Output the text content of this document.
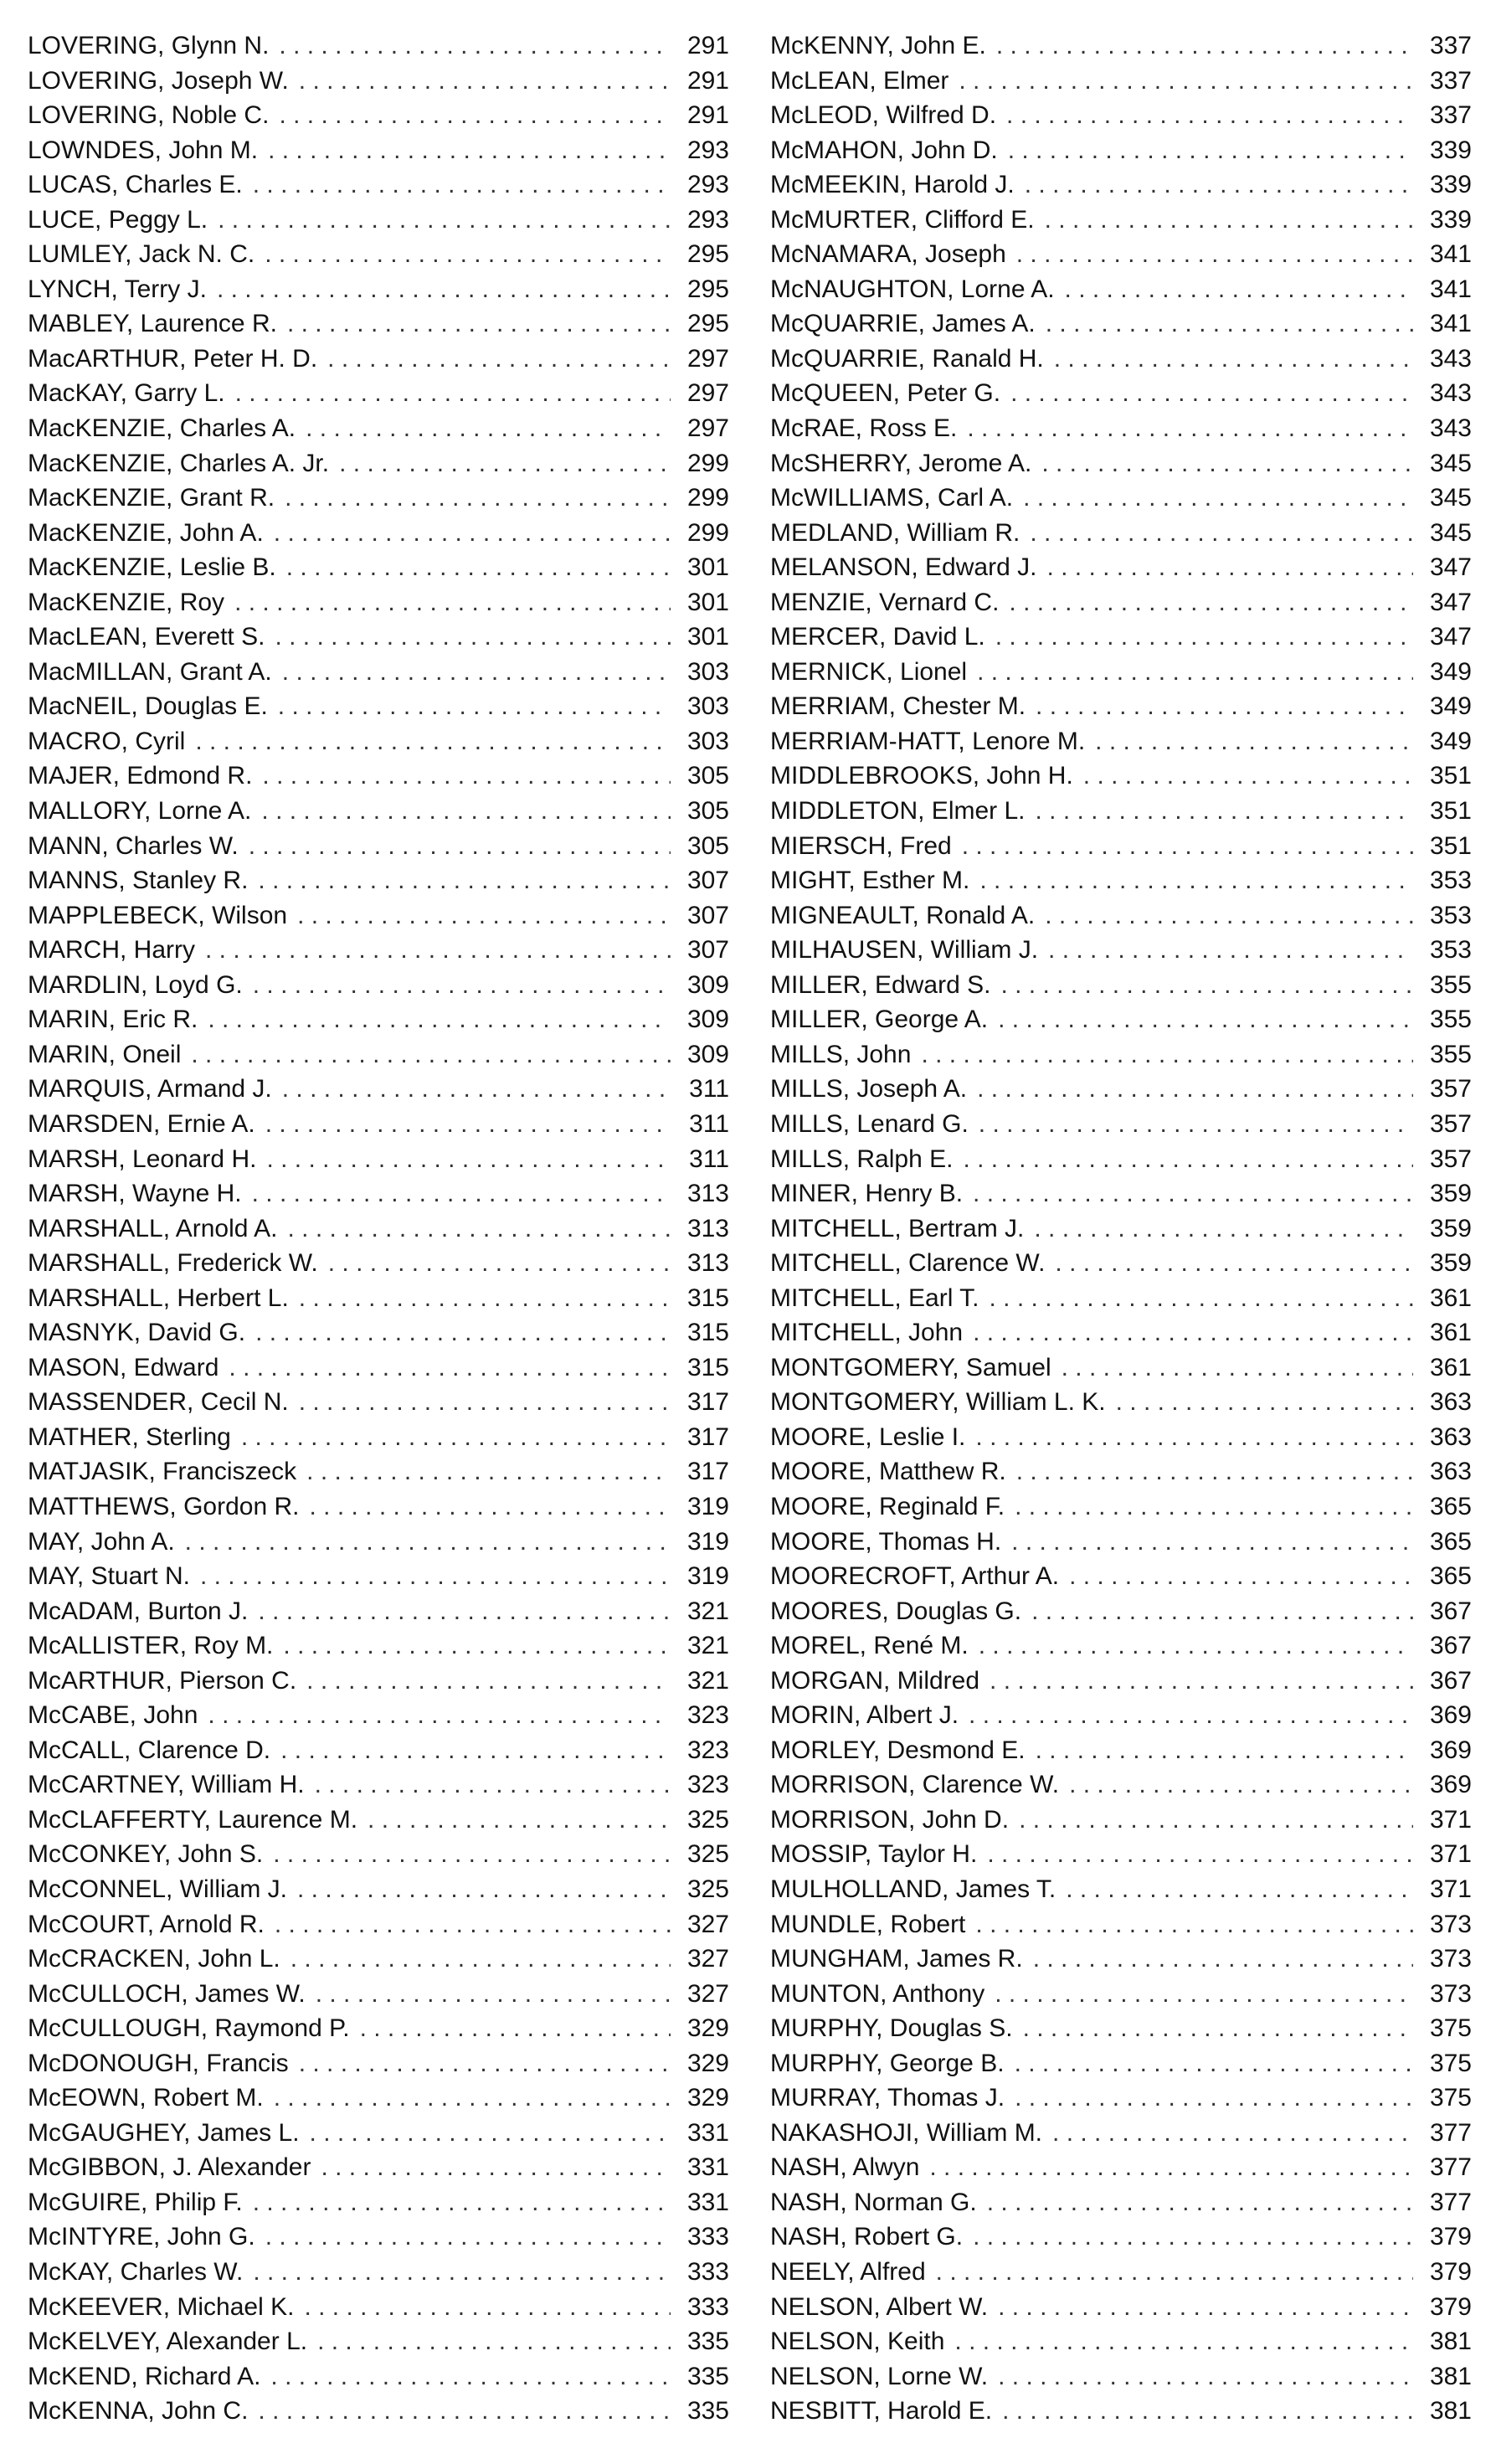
LOVERING, Glynn N. . . .	291
LOVERING, Joseph W. . . .	291
LOVERING, Noble C. . . .	291
LOWNDES, John M. . . .	293
LUCAS, Charles E. . . .	293
LUCE, Peggy L. . . .	293
LUMLEY, Jack N. C. . . .	295
LYNCH, Terry J. . . .	295
MABLEY, Laurence R. . . .	295
MacARTHUR, Peter H. D. . . .	297
MacKAY, Garry L. . . .	297
MacKENZIE, Charles A. . . .	297
MacKENZIE, Charles A. Jr. . . .	299
MacKENZIE, Grant R. . . .	299
MacKENZIE, John A. . . .	299
MacKENZIE, Leslie B. . . .	301
MacKENZIE, Roy . . .	301
MacLEAN, Everett S. . . .	301
MacMILLAN, Grant A. . . .	303
MacNEIL, Douglas E. . . .	303
MACRO, Cyril . . .	303
MAJER, Edmond R. . . .	305
MALLORY, Lorne A. . . .	305
MANN, Charles W. . . .	305
MANNS, Stanley R. . . .	307
MAPPLEBECK, Wilson . . .	307
MARCH, Harry . . .	307
MARDLIN, Loyd G. . . .	309
MARIN, Eric R. . . .	309
MARIN, Oneil . . .	309
MARQUIS, Armand J. . . .	311
MARSDEN, Ernie A. . . .	311
MARSH, Leonard H. . . .	311
MARSH, Wayne H. . . .	313
MARSHALL, Arnold A. . . .	313
MARSHALL, Frederick W. . . .	313
MARSHALL, Herbert L. . . .	315
MASNYK, David G. . . .	315
MASON, Edward . . .	315
MASSENDER, Cecil N. . . .	317
MATHER, Sterling . . .	317
MATJASIK, Franciszeck . . .	317
MATTHEWS, Gordon R. . . .	319
MAY, John A. . . .	319
MAY, Stuart N. . . .	319
McADAM, Burton J. . . .	321
McALLISTER, Roy M. . . .	321
McARTHUR, Pierson C. . . .	321
McCABE, John . . .	323
McCALL, Clarence D. . . .	323
McCARTNEY, William H. . . .	323
McCLAFFERTY, Laurence M. . . .	325
McCONKEY, John S. . . .	325
McCONNEL, William J. . . .	325
McCOURT, Arnold R. . . .	327
McCRACKEN, John L. . . .	327
McCULLOCH, James W. . . .	327
McCULLOUGH, Raymond P. . . .	329
McDONOUGH, Francis . . .	329
McEOWN, Robert M. . . .	329
McGAUGHEY, James L. . . .	331
McGIBBON, J. Alexander . . .	331
McGUIRE, Philip F. . . .	331
McINTYRE, John G. . . .	333
McKAY, Charles W. . . .	333
McKEEVER, Michael K. . . .	333
McKELVEY, Alexander L. . . .	335
McKEND, Richard A. . . .	335
McKENNA, John C. . . .	335
McKENNY, John E. . . .	337
McLEAN, Elmer . . .	337
McLEOD, Wilfred D. . . .	337
McMAHON, John D. . . .	339
McMEEKIN, Harold J. . . .	339
McMURTER, Clifford E. . . .	339
McNAMARA, Joseph . . .	341
McNAUGHTON, Lorne A. . . .	341
McQUARRIE, James A. . . .	341
McQUARRIE, Ranald H. . . .	343
McQUEEN, Peter G. . . .	343
McRAE, Ross E. . . .	343
McSHERRY, Jerome A. . . .	345
McWILLIAMS, Carl A. . . .	345
MEDLAND, William R. . . .	345
MELANSON, Edward J. . . .	347
MENZIE, Vernard C. . . .	347
MERCER, David L. . . .	347
MERNICK, Lionel . . .	349
MERRIAM, Chester M. . . .	349
MERRIAM-HATT, Lenore M. . . .	349
MIDDLEBROOKS, John H. . . .	351
MIDDLETON, Elmer L. . . .	351
MIERSCH, Fred . . .	351
MIGHT, Esther M. . . .	353
MIGNEAULT, Ronald A. . . .	353
MILHAUSEN, William J. . . .	353
MILLER, Edward S. . . .	355
MILLER, George A. . . .	355
MILLS, John . . .	355
MILLS, Joseph A. . . .	357
MILLS, Lenard G. . . .	357
MILLS, Ralph E. . . .	357
MINER, Henry B. . . .	359
MITCHELL, Bertram J. . . .	359
MITCHELL, Clarence W. . . .	359
MITCHELL, Earl T. . . .	361
MITCHELL, John . . .	361
MONTGOMERY, Samuel . . .	361
MONTGOMERY, William L. K. . . .	363
MOORE, Leslie I. . . .	363
MOORE, Matthew R. . . .	363
MOORE, Reginald F. . . .	365
MOORE, Thomas H. . . .	365
MOORECROFT, Arthur A. . . .	365
MOORES, Douglas G. . . .	367
MOREL, René M. . . .	367
MORGAN, Mildred . . .	367
MORIN, Albert J. . . .	369
MORLEY, Desmond E. . . .	369
MORRISON, Clarence W. . . .	369
MORRISON, John D. . . .	371
MOSSIP, Taylor H. . . .	371
MULHOLLAND, James T. . . .	371
MUNDLE, Robert . . .	373
MUNGHAM, James R. . . .	373
MUNTON, Anthony . . .	373
MURPHY, Douglas S. . . .	375
MURPHY, George B. . . .	375
MURRAY, Thomas J. . . .	375
NAKASHOJI, William M. . . .	377
NASH, Alwyn . . .	377
NASH, Norman G. . . .	377
NASH, Robert G. . . .	379
NEELY, Alfred . . .	379
NELSON, Albert W. . . .	379
NELSON, Keith . . .	381
NELSON, Lorne W. . . .	381
NESBITT, Harold E. . . .	381
